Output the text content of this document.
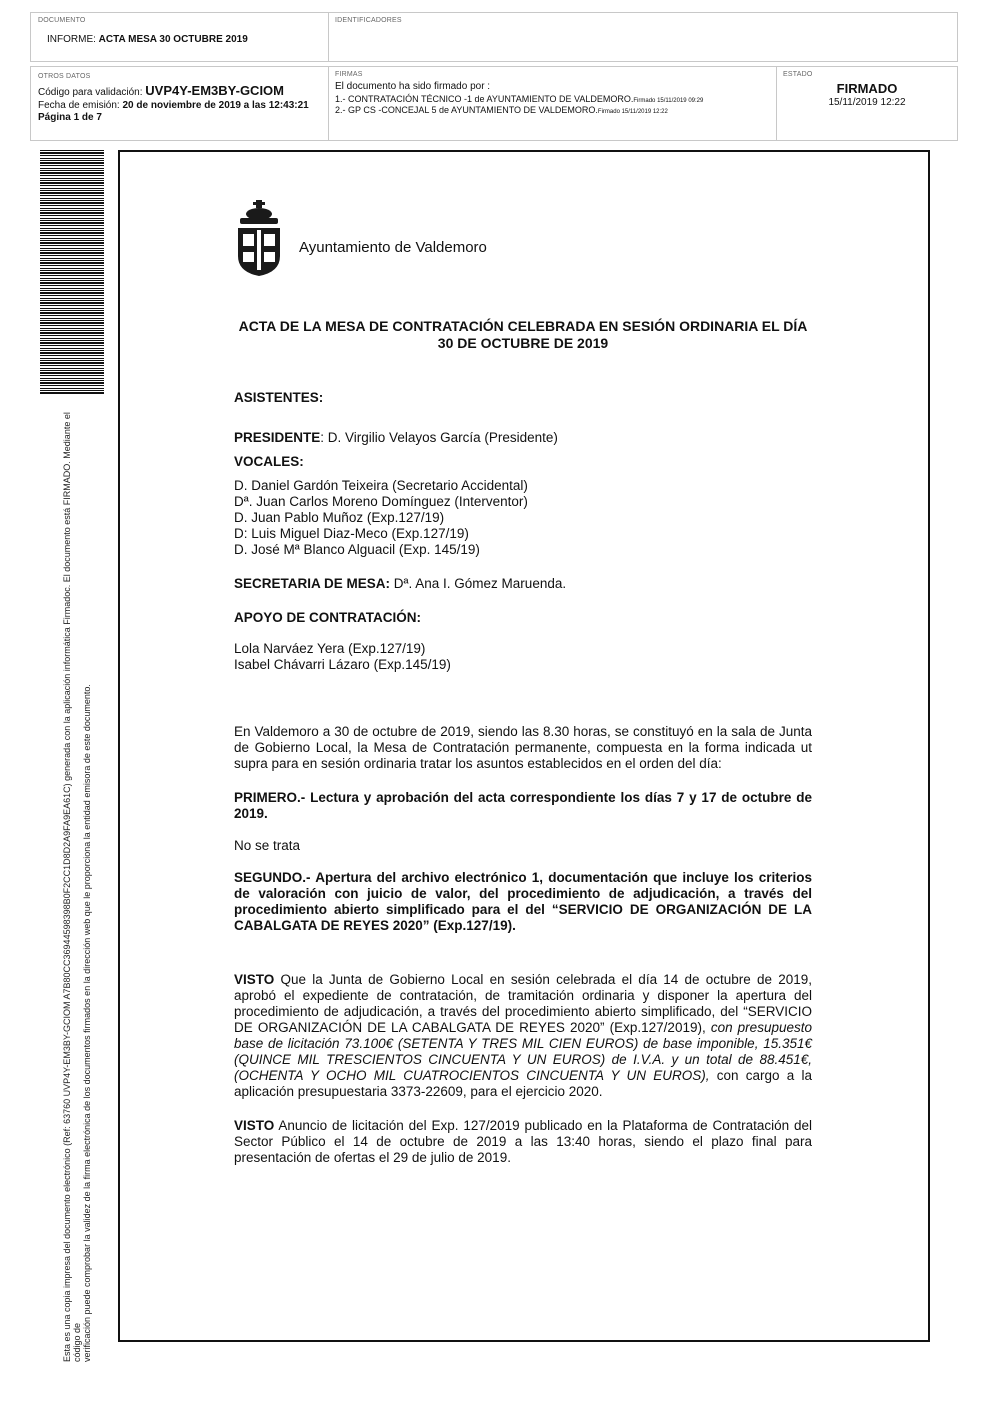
DOCUMENTO
INFORME: ACTA MESA 30 OCTUBRE 2019
IDENTIFICADORES
OTROS DATOS
Código para validación: UVP4Y-EM3BY-GCIOM
Fecha de emisión: 20 de noviembre de 2019 a las 12:43:21
Página 1 de 7
FIRMAS
El documento ha sido firmado por :
1.- CONTRATACIÓN TÉCNICO -1 de AYUNTAMIENTO DE VALDEMORO.Firmado 15/11/2019 09:29
2.- GP CS -CONCEJAL 5 de AYUNTAMIENTO DE VALDEMORO.Firmado 15/11/2019 12:22
ESTADO
FIRMADO
15/11/2019 12:22
Esta es una copia impresa del documento electrónico (Ref: 63760 UVP4Y-EM3BY-GCIOM A7B80CC36944598398B0F2CC1D8D2A9FA9EA61C) generada con la aplicación informática Firmadoc. El documento está FIRMADO. Mediante el código de verificación puede comprobar la validez de la firma electrónica de los documentos firmados en la dirección web que le proporciona la entidad emisora de este documento.
Ayuntamiento de Valdemoro
ACTA DE LA MESA DE CONTRATACIÓN CELEBRADA EN SESIÓN ORDINARIA EL DÍA 30 DE OCTUBRE DE 2019
ASISTENTES:
PRESIDENTE: D. Virgilio Velayos García (Presidente)
VOCALES:
D. Daniel Gardón Teixeira (Secretario Accidental)
Dª. Juan Carlos Moreno Domínguez (Interventor)
D. Juan Pablo Muñoz (Exp.127/19)
D: Luis Miguel Diaz-Meco (Exp.127/19)
D. José Mª Blanco Alguacil (Exp. 145/19)
SECRETARIA DE MESA: Dª. Ana I. Gómez Maruenda.
APOYO DE CONTRATACIÓN:
Lola Narváez Yera (Exp.127/19)
Isabel Chávarri Lázaro (Exp.145/19)
En Valdemoro a 30 de octubre de 2019, siendo las 8.30 horas, se constituyó en la sala de Junta de Gobierno Local, la Mesa de Contratación permanente, compuesta en la forma indicada ut supra para en sesión ordinaria tratar los asuntos establecidos en el orden del día:
PRIMERO.- Lectura y aprobación del acta correspondiente los días 7 y 17 de octubre de 2019.
No se trata
SEGUNDO.- Apertura del archivo electrónico 1, documentación que incluye los criterios de valoración con juicio de valor, del procedimiento de adjudicación, a través del procedimiento abierto simplificado para el del “SERVICIO DE ORGANIZACIÓN DE LA CABALGATA DE REYES 2020” (Exp.127/19).
VISTO Que la Junta de Gobierno Local en sesión celebrada el día 14 de octubre de 2019, aprobó el expediente de contratación, de tramitación ordinaria y disponer la apertura del procedimiento de adjudicación, a través del procedimiento abierto simplificado, del “SERVICIO DE ORGANIZACIÓN DE LA CABALGATA DE REYES 2020” (Exp.127/2019), con presupuesto base de licitación 73.100€ (SETENTA Y TRES MIL CIEN EUROS) de base imponible, 15.351€ (QUINCE MIL TRESCIENTOS CINCUENTA Y UN EUROS) de I.V.A. y un total de 88.451€, (OCHENTA Y OCHO MIL CUATROCIENTOS CINCUENTA Y UN EUROS), con cargo a la aplicación presupuestaria 3373-22609, para el ejercicio 2020.
VISTO Anuncio de licitación del Exp. 127/2019 publicado en la Plataforma de Contratación del Sector Público el 14 de octubre de 2019 a las 13:40 horas, siendo el plazo final para presentación de ofertas el 29 de julio de 2019.
